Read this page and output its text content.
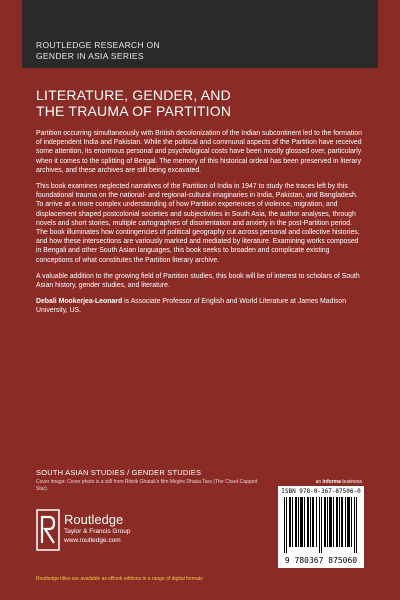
ROUTLEDGE RESEARCH ON
GENDER IN ASIA SERIES
LITERATURE, GENDER, AND
THE TRAUMA OF PARTITION

Partition occurring simultaneously with British decolonization of the Indian subcontinent led to the formation of independent India and Pakistan. While the political and communal aspects of the Partition have received some attention, its enormous personal and psychological costs have been mostly glossed over, particularly when it comes to the splitting of Bengal. The memory of this historical ordeal has been preserved in literary archives, and these archives are still being excavated.

This book examines neglected narratives of the Partition of India in 1947 to study the traces left by this foundational trauma on the national- and regional-cultural imaginaries in India, Pakistan, and Bangladesh. To arrive at a more complex understanding of how Partition experiences of violence, migration, and displacement shaped postcolonial societies and subjectivities in South Asia, the author analyses, through novels and short stories, multiple cartographies of disorientation and anxiety in the post-Partition period. The book illuminates how contingencies of political geography cut across personal and collective histories, and how these intersections are variously marked and mediated by literature. Examining works composed in Bengali and other South Asian languages, this book seeks to broaden and complicate existing conceptions of what constitutes the Partition literary archive.

A valuable addition to the growing field of Partition studies, this book will be of interest to scholars of South Asian history, gender studies, and literature.

Debali Mookerjea-Leonard is Associate Professor of English and World Literature at James Madison University, US.

SOUTH ASIAN STUDIES / GENDER STUDIES
Cover image: Cover photo is a still from Ritwik Ghatak's film Meghe Dhaka Tara (The Cloud-Capped Star).
an informa business
ISBN 978-0-367-87506-0
9 780367 875060
Routledge
Taylor & Francis Group
www.routledge.com
Routledge titles are available as eBook editions in a range of digital formats
